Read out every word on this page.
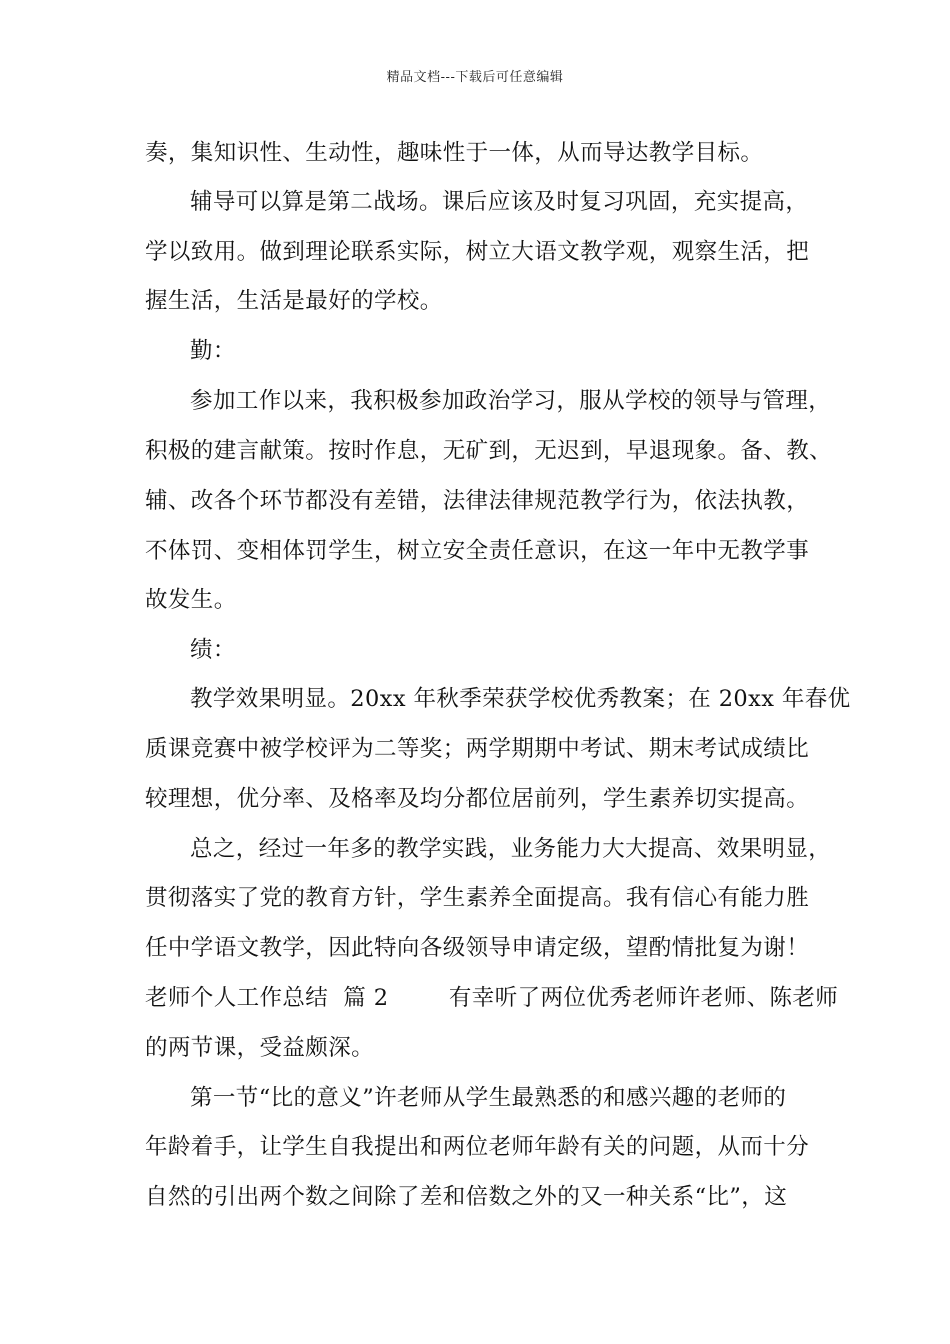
精品文档---下载后可任意编辑
奏，集知识性、生动性，趣味性于一体，从而导达教学目标。
辅导可以算是第二战场。课后应该及时复习巩固，充实提高，
学以致用。做到理论联系实际，树立大语文教学观，观察生活，把
握生活，生活是最好的学校。
勤：
参加工作以来，我积极参加政治学习，服从学校的领导与管理，
积极的建言献策。按时作息，无矿到，无迟到，早退现象。备、教、
辅、改各个环节都没有差错，法律法律规范教学行为，依法执教，
不体罚、变相体罚学生，树立安全责任意识，在这一年中无教学事
故发生。
绩：
教学效果明显。20xx 年秋季荣获学校优秀教案；在 20xx 年春优
质课竞赛中被学校评为二等奖；两学期期中考试、期末考试成绩比
较理想，优分率、及格率及均分都位居前列，学生素养切实提高。
总之，经过一年多的教学实践，业务能力大大提高、效果明显，
贯彻落实了党的教育方针，学生素养全面提高。我有信心有能力胜
任中学语文教学，因此特向各级领导申请定级，望酌情批复为谢！
老师个人工作总结  篇 2        有幸听了两位优秀老师许老师、陈老师
的两节课，受益颇深。
第一节“比的意义”许老师从学生最熟悉的和感兴趣的老师的
年龄着手，让学生自我提出和两位老师年龄有关的问题，从而十分
自然的引出两个数之间除了差和倍数之外的又一种关系“比”，这
